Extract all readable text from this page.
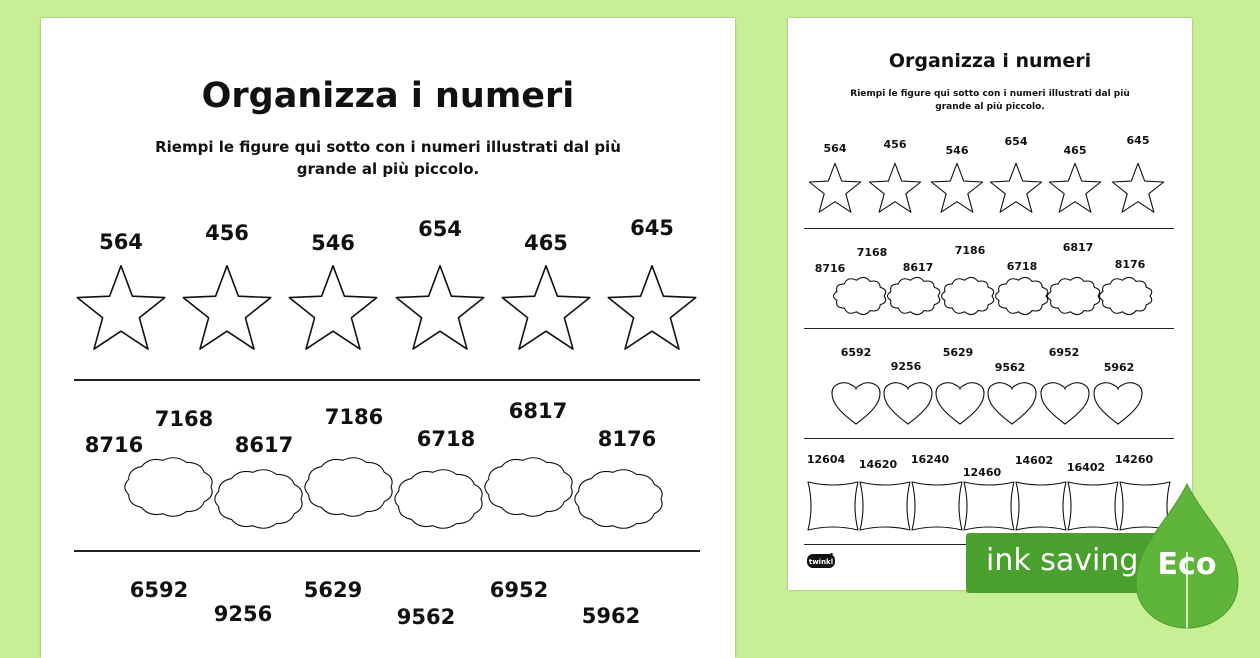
Organizza i numeri

Riempi le figure qui sotto con i numeri illustrati dal più grande al più piccolo.

564	456	546
654
465
645
8716
7168
8617
7186
6718
6817
8176
6592
9256
5629
9562
6952
5962
Organizza i numeri

Riempi le figure qui sotto con i numeri illustrati dal più grande al più piccolo.

twinkl
564	456	546
654
465
645
8716
7168
8617
7186
6718
6817
8176
6592
9256
5629
9562
6952
5962
12604 14620 16240
12460
14602
16402
14260
ink saving Eco
